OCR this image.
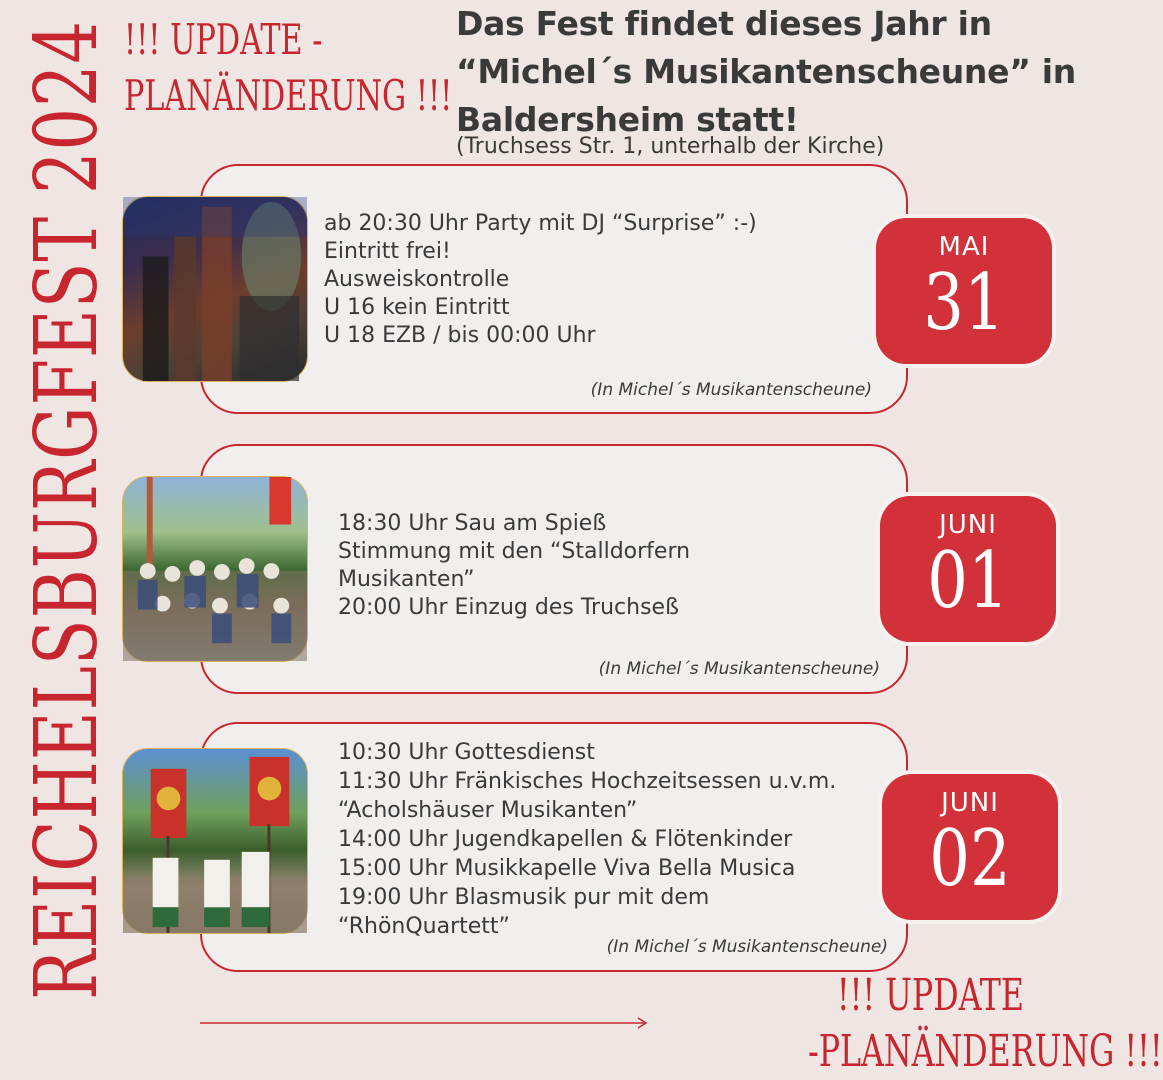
REICHELSBURGFEST 2024 !!! UPDATE -
PLANÄNDERUNG !!!
Das Fest findet dieses Jahr in “Michel´s Musikantenscheune” in Baldersheim statt!
(Truchsess Str. 1, unterhalb der Kirche)
ab 20:30 Uhr Party mit DJ “Surprise” :-)
Eintritt frei!
Ausweiskontrolle
U 16 kein Eintritt
U 18 EZB / bis 00:00 Uhr
(In Michel´s Musikantenscheune)
18:30 Uhr Sau am Spieß
Stimmung mit den “Stalldorfern
Musikanten”
20:00 Uhr Einzug des Truchseß
(In Michel´s Musikantenscheune)
10:30 Uhr Gottesdienst
11:30 Uhr Fränkisches Hochzeitsessen u.v.m.
“Acholshäuser Musikanten”
14:00 Uhr Jugendkapellen & Flötenkinder
15:00 Uhr Musikkapelle Viva Bella Musica
19:00 Uhr Blasmusik pur mit dem
“RhönQuartett”
(In Michel´s Musikantenscheune)
MAI
31
JUNI
01
JUNI
02
!!! UPDATE
-PLANÄNDERUNG !!!
